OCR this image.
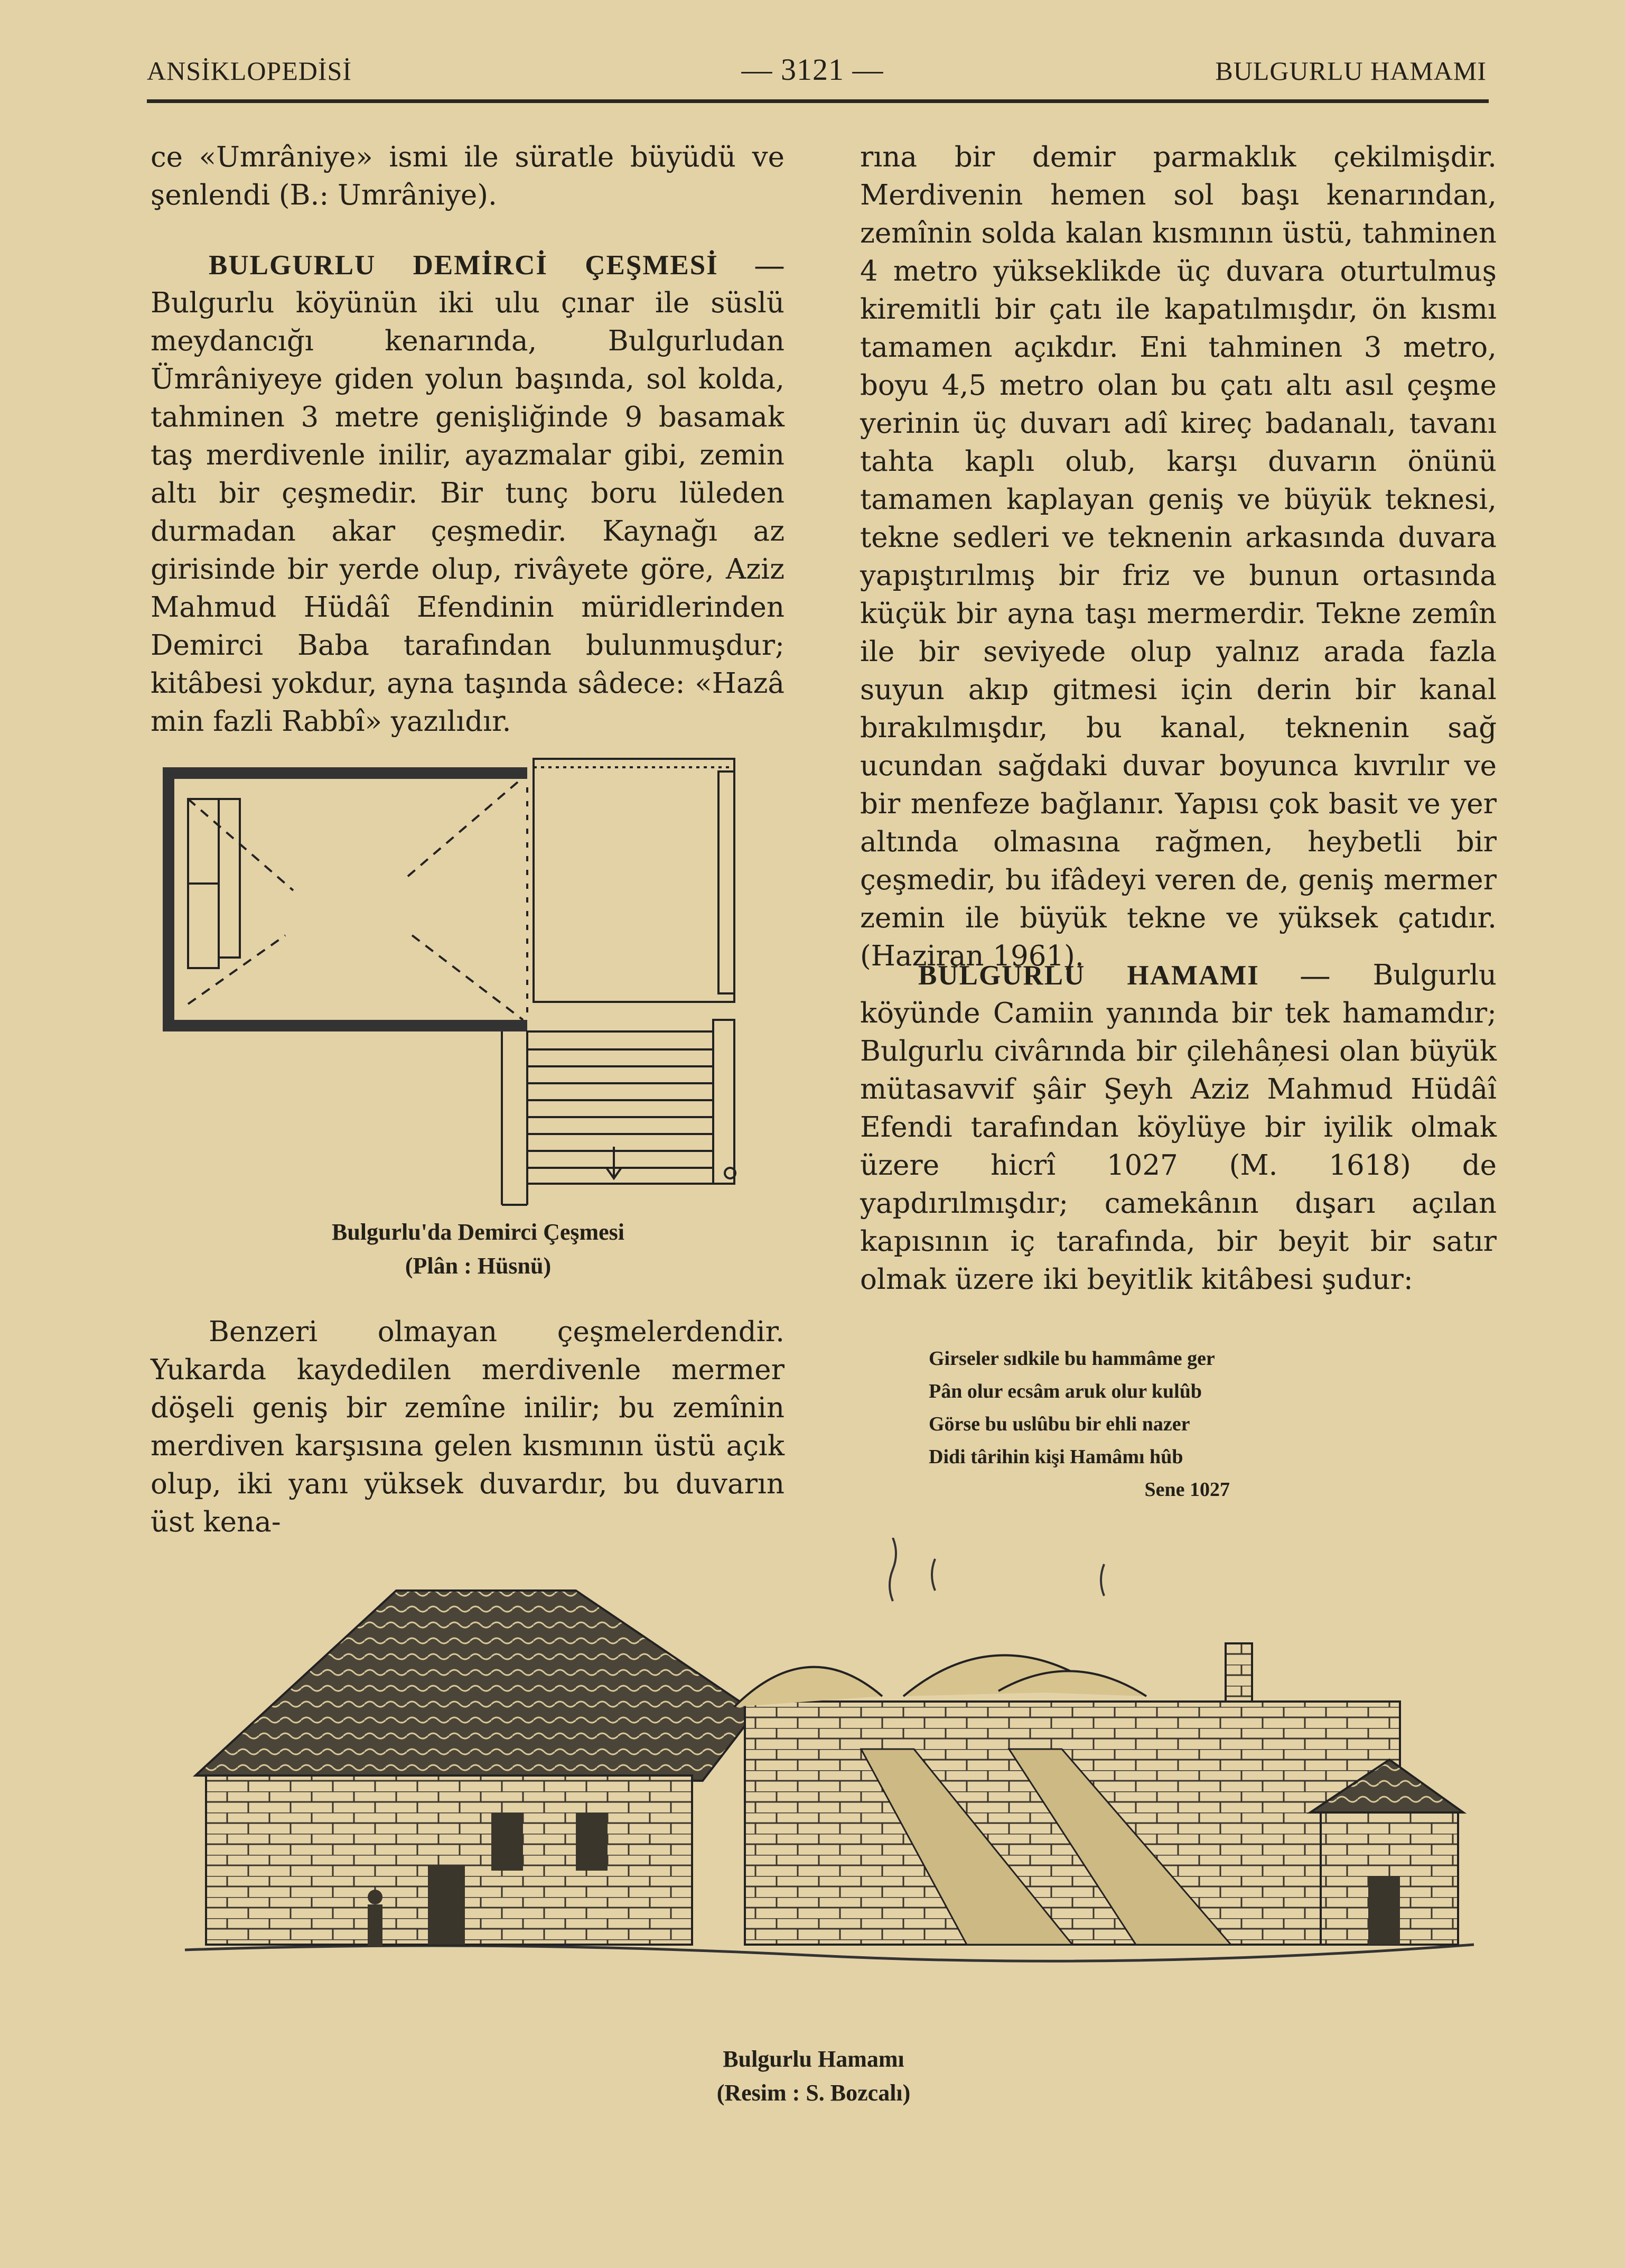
ANSİKLOPEDİSİ	— 3121 —	BULGURLU HAMAMI

ce «Umrâniye» ismi ile süratle büyüdü ve şenlendi (B.: Umrâniye).

BULGURLU DEMİRCİ ÇEŞMESİ — Bulgurlu köyünün iki ulu çınar ile süslü meydancığı kenarında, Bulgurludan Ümrâniyeye giden yolun başında, sol kolda, tahminen 3 metre genişliğinde 9 basamak taş merdivenle inilir, ayazmalar gibi, zemin altı bir çeşmedir. Bir tunç boru lüleden durmadan akar çeşmedir. Kaynağı az girisinde bir yerde olup, rivâyete göre, Aziz Mahmud Hüdâî Efendinin müridlerinden Demirci Baba tarafından bulunmuşdur; kitâbesi yokdur, ayna taşında sâdece: «Hazâ min fazli Rabbî» yazılıdır.

Bulgurlu'da Demirci Çeşmesi
(Plân : Hüsnü)

Benzeri olmayan çeşmelerdendir. Yukarda kaydedilen merdivenle mermer döşeli geniş bir zemîne inilir; bu zemînin merdiven karşısına gelen kısmının üstü açık olup, iki yanı yüksek duvardır, bu duvarın üst kena-

rına bir demir parmaklık çekilmişdir. Merdivenin hemen sol başı kenarından, zemînin solda kalan kısmının üstü, tahminen 4 metro yükseklikde üç duvara oturtulmuş kiremitli bir çatı ile kapatılmışdır, ön kısmı tamamen açıkdır. Eni tahminen 3 metro, boyu 4,5 metro olan bu çatı altı asıl çeşme yerinin üç duvarı adî kireç badanalı, tavanı tahta kaplı olub, karşı duvarın önünü tamamen kaplayan geniş ve büyük teknesi, tekne sedleri ve teknenin arkasında duvara yapıştırılmış bir friz ve bunun ortasında küçük bir ayna taşı mermerdir. Tekne zemîn ile bir seviyede olup yalnız arada fazla suyun akıp gitmesi için derin bir kanal bırakılmışdır, bu kanal, teknenin sağ ucundan sağdaki duvar boyunca kıvrılır ve bir menfeze bağlanır. Yapısı çok basit ve yer altında olmasına rağmen, heybetli bir çeşmedir, bu ifâdeyi veren de, geniş mermer zemin ile büyük tekne ve yüksek çatıdır. (Haziran 1961).

BULGURLU HAMAMI — Bulgurlu köyünde Camiin yanında bir tek hamamdır; Bulgurlu civârında bir çilehâņesi olan büyük mütasavvif şâir Şeyh Aziz Mahmud Hüdâî Efendi tarafından köylüye bir iyilik olmak üzere hicrî 1027 (M. 1618) de yapdırılmışdır; camekânın dışarı açılan kapısının iç tarafında, bir beyit bir satır olmak üzere iki beyitlik kitâbesi şudur:

Girseler sıdkile bu hammâme ger
Pân olur ecsâm aruk olur kulûb
Görse bu uslûbu bir ehli nazer
Didi târihin kişi Hamâmı hûb
Sene 1027
Bulgurlu Hamamı
(Resim : S. Bozcalı)
